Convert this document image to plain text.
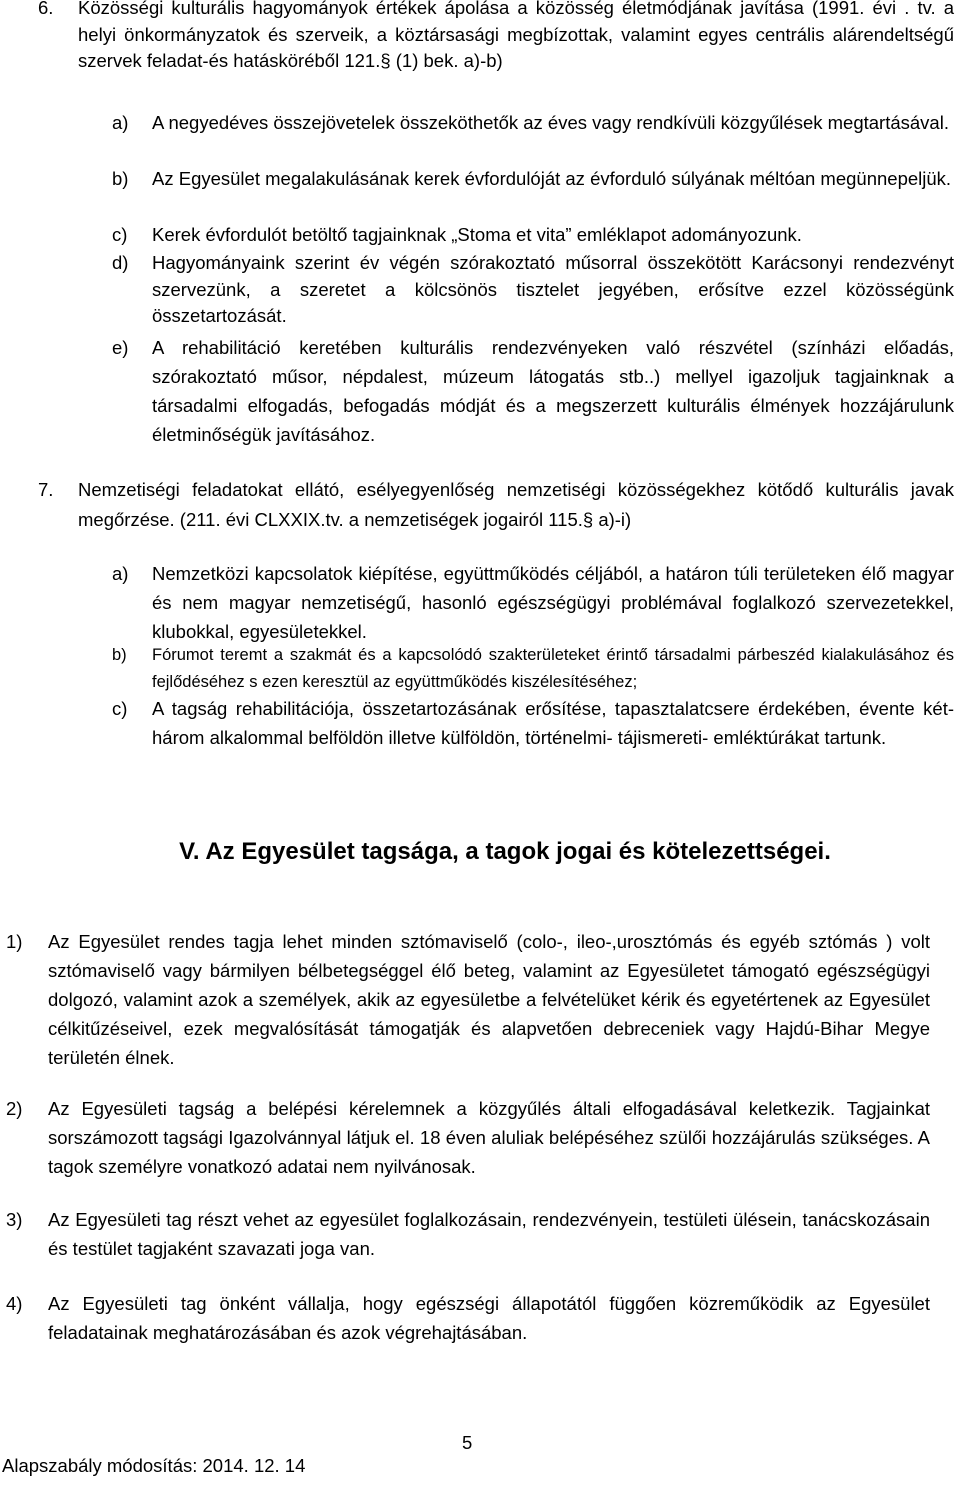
6.	Közösségi kulturális hagyományok értékek ápolása a közösség életmódjának javítása (1991. évi . tv. a helyi önkormányzatok és szerveik, a köztársasági megbízottak, valamint egyes centrális alárendeltségű szervek feladat-és hatásköréből 121.§ (1) bek. a)-b)
a)	A negyedéves összejövetelek összeköthetők az éves vagy rendkívüli közgyűlések megtartásával.
b)	Az Egyesület megalakulásának kerek évfordulóját az évforduló súlyának méltóan megünnepeljük.
c)	Kerek évfordulót betöltő tagjainknak „Stoma et vita” emléklapot adományozunk.
d)	Hagyományaink szerint év végén szórakoztató műsorral összekötött Karácsonyi rendezvényt szervezünk, a szeretet a kölcsönös tisztelet jegyében, erősítve ezzel közösségünk összetartozását.
e)	A rehabilitáció keretében kulturális rendezvényeken való részvétel (színházi előadás, szórakoztató műsor, népdalest, múzeum látogatás stb..) mellyel igazoljuk tagjainknak a társadalmi elfogadás, befogadás módját és a megszerzett kulturális élmények hozzájárulunk életminőségük javításához.
7.	Nemzetiségi feladatokat ellátó, esélyegyenlőség nemzetiségi közösségekhez kötődő kulturális javak megőrzése. (211. évi CLXXIX.tv. a nemzetiségek jogairól 115.§ a)-i)
a)	Nemzetközi kapcsolatok kiépítése, együttműködés céljából, a határon túli területeken élő magyar és nem magyar nemzetiségű, hasonló egészségügyi problémával foglalkozó szervezetekkel, klubokkal, egyesületekkel.
b)	Fórumot teremt a szakmát és a kapcsolódó szakterületeket érintő társadalmi párbeszéd kialakulásához és fejlődéséhez s ezen keresztül az együttműködés kiszélesítéséhez;
c)	A tagság rehabilitációja, összetartozásának erősítése, tapasztalatcsere érdekében, évente két-három alkalommal belföldön illetve külföldön, történelmi- tájismereti- emléktúrákat tartunk.
V. Az Egyesület tagsága, a tagok jogai és kötelezettségei.
1)	Az Egyesület rendes tagja lehet minden sztómaviselő (colo-, ileo-,urosztómás és egyéb sztómás ) volt sztómaviselő vagy bármilyen bélbetegséggel élő beteg, valamint az Egyesületet támogató egészségügyi dolgozó, valamint azok a személyek, akik az egyesületbe a felvételüket kérik és egyetértenek az Egyesület célkitűzéseivel, ezek megvalósítását támogatják és alapvetően debreceniek vagy Hajdú-Bihar Megye területén élnek.
2)	Az Egyesületi tagság a belépési kérelemnek a közgyűlés általi elfogadásával keletkezik. Tagjainkat sorszámozott tagsági Igazolvánnyal látjuk el. 18 éven aluliak belépéséhez szülői hozzájárulás szükséges. A tagok személyre vonatkozó adatai nem nyilvánosak.
3)	Az Egyesületi tag részt vehet az egyesület foglalkozásain, rendezvényein, testületi ülésein, tanácskozásain és testület tagjaként szavazati joga van.
4)	Az Egyesületi tag önként vállalja, hogy egészségi állapotától függően közreműködik az Egyesület feladatainak meghatározásában és azok végrehajtásában.
5
Alapszabály módosítás: 2014. 12. 14
